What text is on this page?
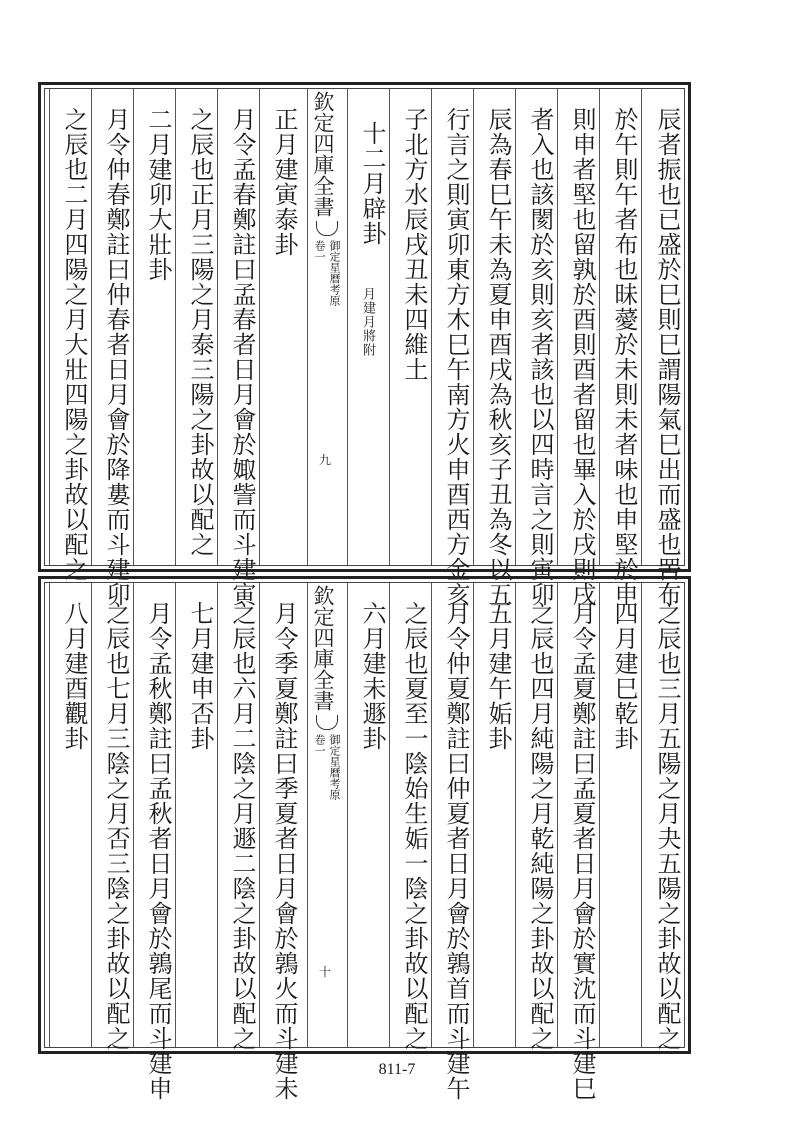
辰者振也已盛於巳則巳謂陽氣巳出而盛也罟布
於午則午者布也昧薆於未則未者味也申堅於申
則申者堅也留孰於酉則酉者留也畢入於戌則戌
者入也該閡於亥則亥者該也以四時言之則寅卯
辰為春巳午未為夏申酉戌為秋亥子丑為冬以五
行言之則寅卯東方木巳午南方火申酉西方金亥
子北方水辰戌丑未四維土
十二月辟卦
月建月將附
欽定四庫全書
御定星曆考原
卷一
九
正月建寅泰卦
月令孟春鄭註曰孟春者日月會於娵訾而斗建寅
之辰也正月三陽之月泰三陽之卦故以配之
二月建卯大壯卦
月令仲春鄭註曰仲春者日月會於降婁而斗建卯
之辰也二月四陽之月大壯四陽之卦故以配之
之辰也三月五陽之月夬五陽之卦故以配之
四月建巳乾卦
月令孟夏鄭註曰孟夏者日月會於實沈而斗建巳
之辰也四月純陽之月乾純陽之卦故以配之
五月建午姤卦
月令仲夏鄭註曰仲夏者日月會於鶉首而斗建午
之辰也夏至一陰始生姤一陰之卦故以配之
六月建未遯卦
欽定四庫全書
御定星曆考原
卷一
十
月令季夏鄭註曰季夏者日月會於鶉火而斗建未
之辰也六月二陰之月遯二陰之卦故以配之
七月建申否卦
月令孟秋鄭註曰孟秋者日月會於鶉尾而斗建申
之辰也七月三陰之月否三陰之卦故以配之
八月建酉觀卦
811-7
